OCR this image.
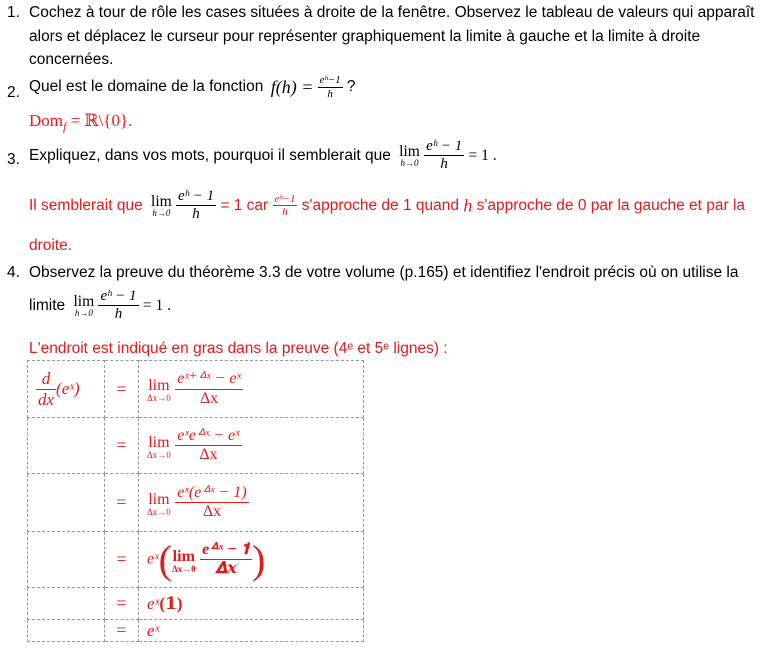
1. Cochez à tour de rôle les cases situées à droite de la fenêtre. Observez le tableau de valeurs qui apparaît
alors et déplacez le curseur pour représenter graphiquement la limite à gauche et la limite à droite
concernées.
2. Quel est le domaine de la fonction $f(h) = \frac{\text{eʰ−1}}{h}$ ?
Dom$_f$ = ℝ\{0}.
3. Expliquez, dans vos mots, pourquoi il semblerait que lim
h→0
$\frac{\text{eʰ − 1}}{h} = 1$ .
Il semblerait que lim
h→0
$\frac{\text{eʰ − 1}}{h} = 1$ car $\frac{\text{eʰ−1}}{h}$ s'approche de 1 quand h s'approche de 0 par la gauche et par la
droite.
4. Observez la preuve du théorème 3.3 de votre volume (p.165) et identifiez l'endroit précis où on utilise la
limite lim
h→0
$\frac{\text{eʰ − 1}}{h} = 1$ .
L'endroit est indiqué en gras dans la preuve (4ᵉ et 5ᵉ lignes) :
$\frac{d}{dx}$ (eˣ)	=	lim
Δx→0
$\frac{\text{eˣ⁺ᐞˣ − eˣ}}{\Delta x}$

	=	lim
Δx→0
$\frac{\text{eˣeᐞˣ − eˣ}}{\Delta x}$

	=	lim
Δx→0
$\frac{\text{eˣ(eᐞˣ − 1)}}{\Delta x}$

	=	eˣ(lim
Δx→0
$\frac{\text{eᐞˣ − 𝟏}}{\text{𝚫𝒙}}$ )
	=	eˣ(𝟏)
	=	eˣ
